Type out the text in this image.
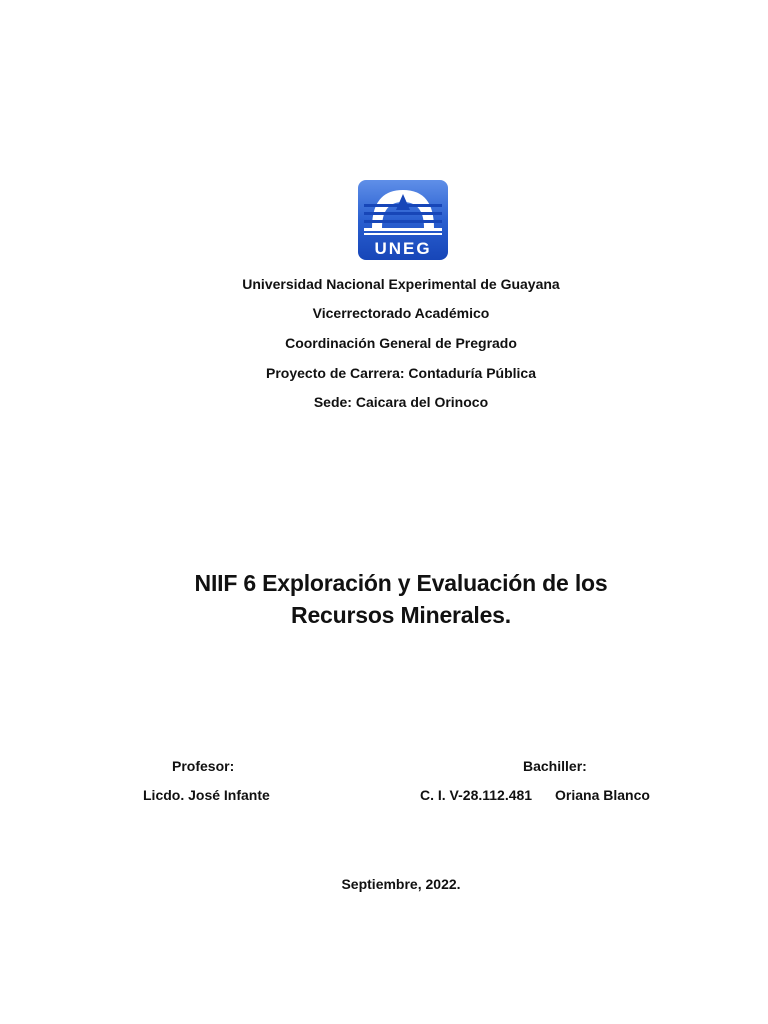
UNEG
Universidad Nacional Experimental de Guayana
Vicerrectorado Académico
Coordinación General de Pregrado
Proyecto de Carrera: Contaduría Pública
Sede: Caicara del Orinoco
NIIF 6 Exploración y Evaluación de los
Recursos Minerales.
Profesor:
Licdo. José Infante
Bachiller:
C. I. V-28.112.481 Oriana Blanco
Septiembre, 2022.
